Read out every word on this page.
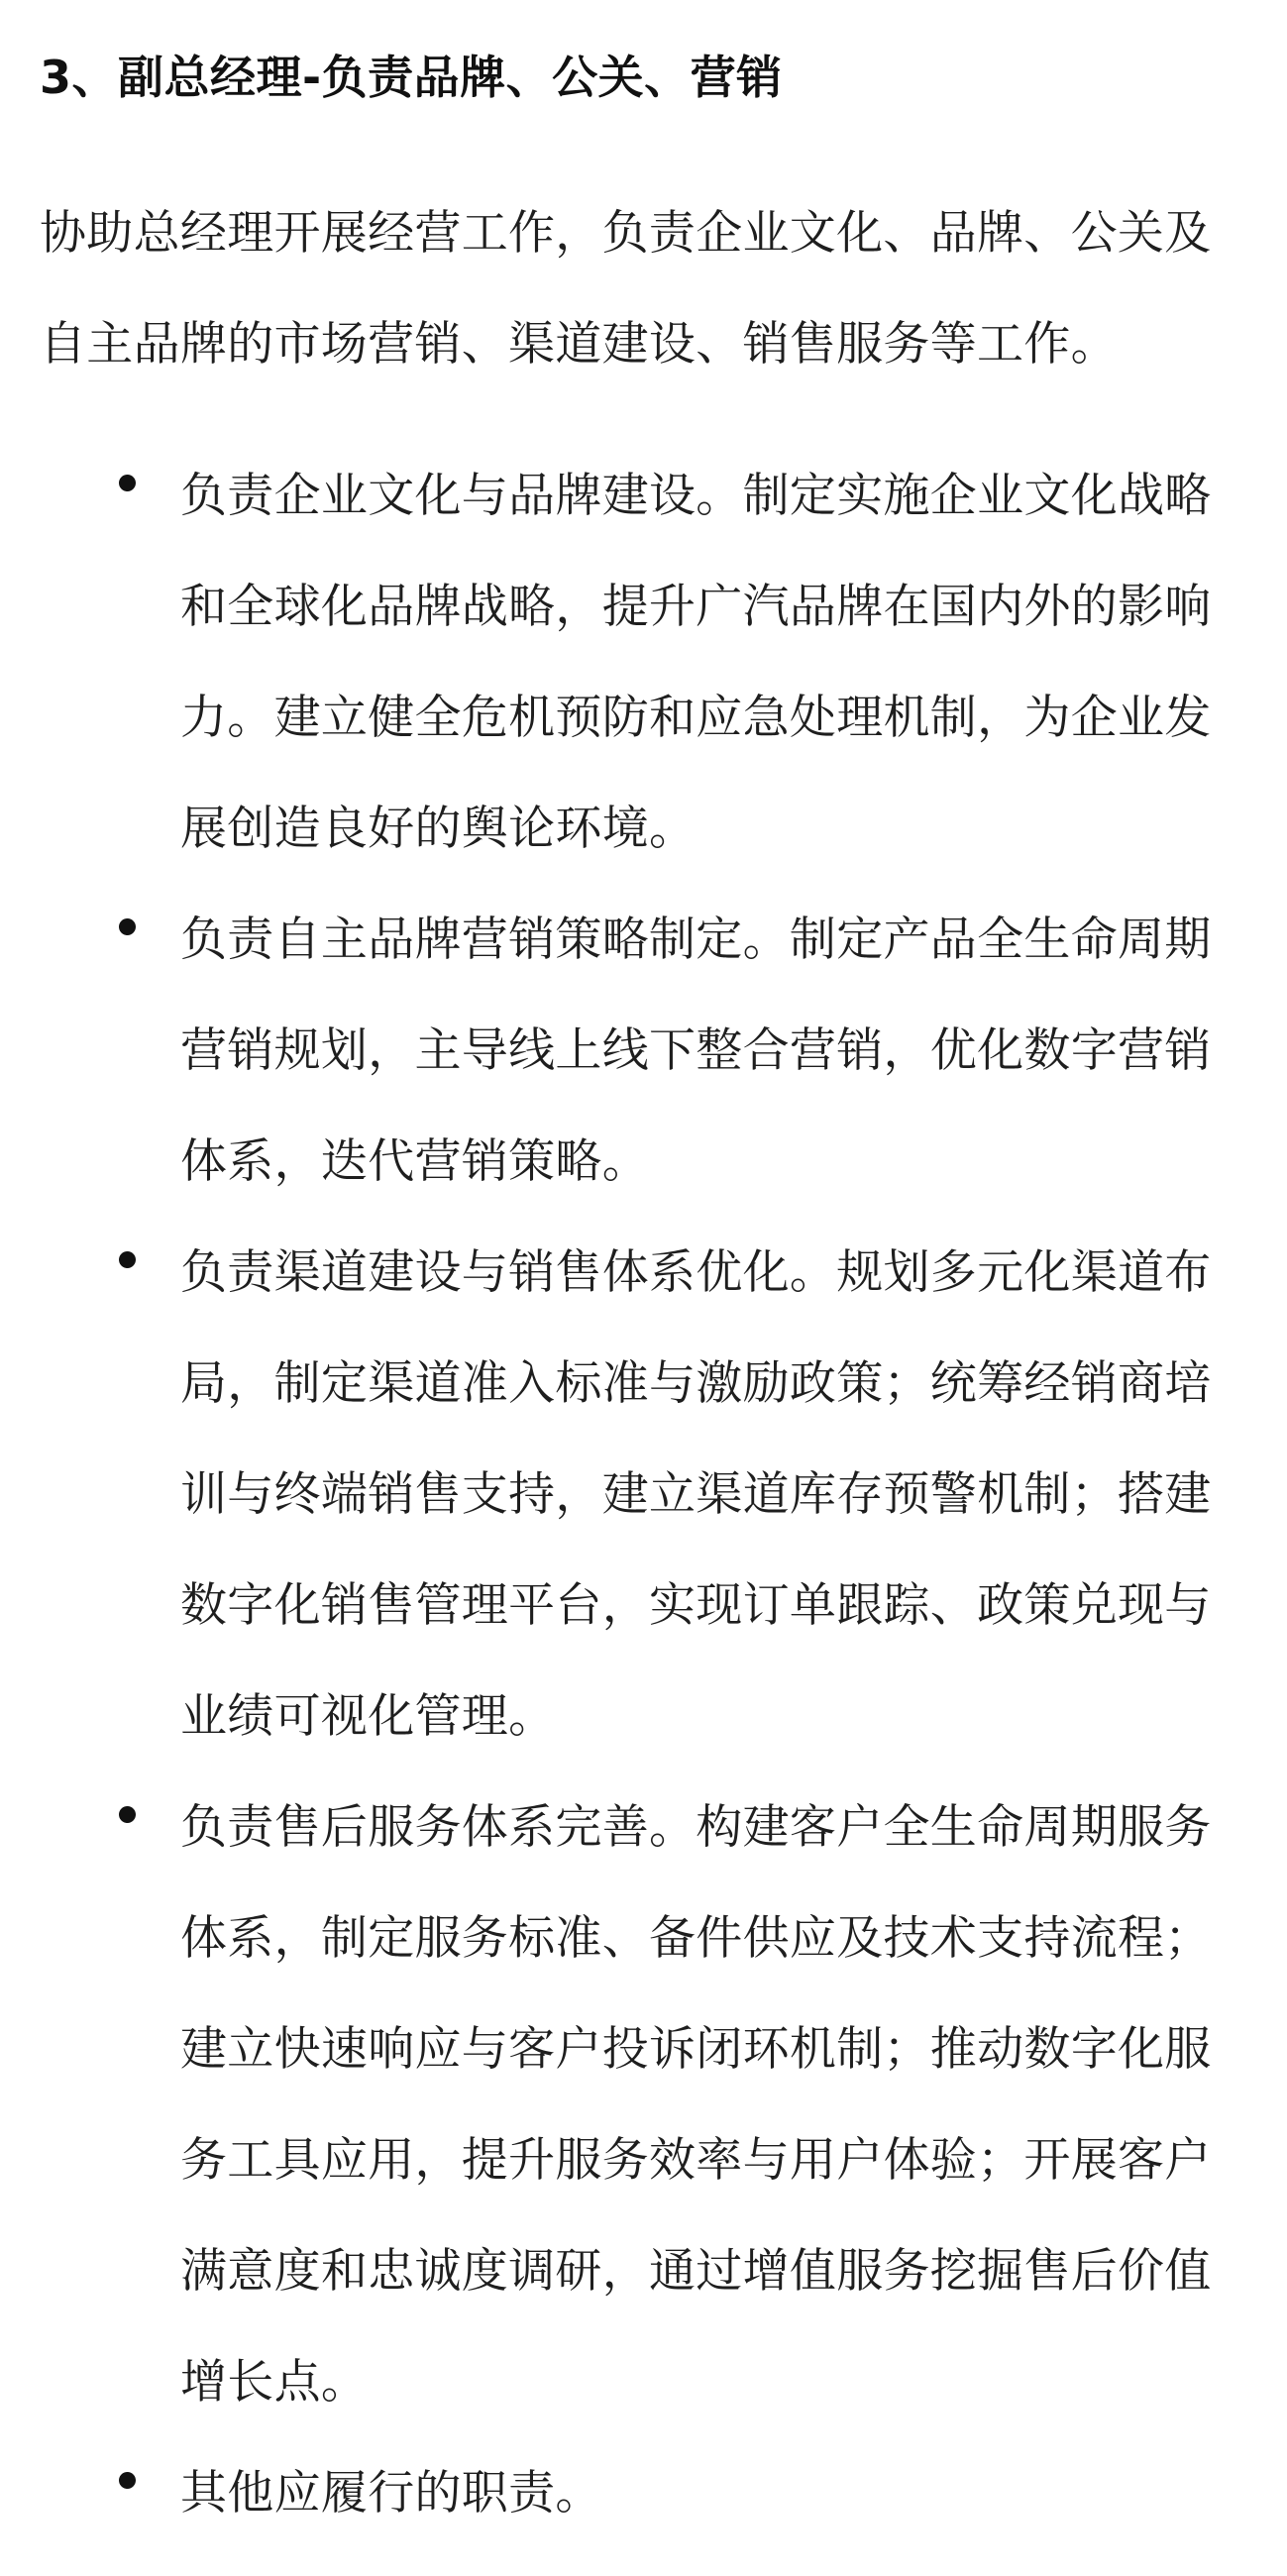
3、副总经理-负责品牌、公关、营销

协助总经理开展经营工作，负责企业文化、品牌、公关及自主品牌的市场营销、渠道建设、销售服务等工作。

负责企业文化与品牌建设。制定实施企业文化战略和全球化品牌战略，提升广汽品牌在国内外的影响力。建立健全危机预防和应急处理机制，为企业发展创造良好的舆论环境。
负责自主品牌营销策略制定。制定产品全生命周期营销规划，主导线上线下整合营销，优化数字营销体系，迭代营销策略。
负责渠道建设与销售体系优化。规划多元化渠道布局，制定渠道准入标准与激励政策；统筹经销商培训与终端销售支持，建立渠道库存预警机制；搭建数字化销售管理平台，实现订单跟踪、政策兑现与业绩可视化管理。
负责售后服务体系完善。构建客户全生命周期服务体系，制定服务标准、备件供应及技术支持流程；建立快速响应与客户投诉闭环机制；推动数字化服务工具应用，提升服务效率与用户体验；开展客户满意度和忠诚度调研，通过增值服务挖掘售后价值增长点。
其他应履行的职责。
